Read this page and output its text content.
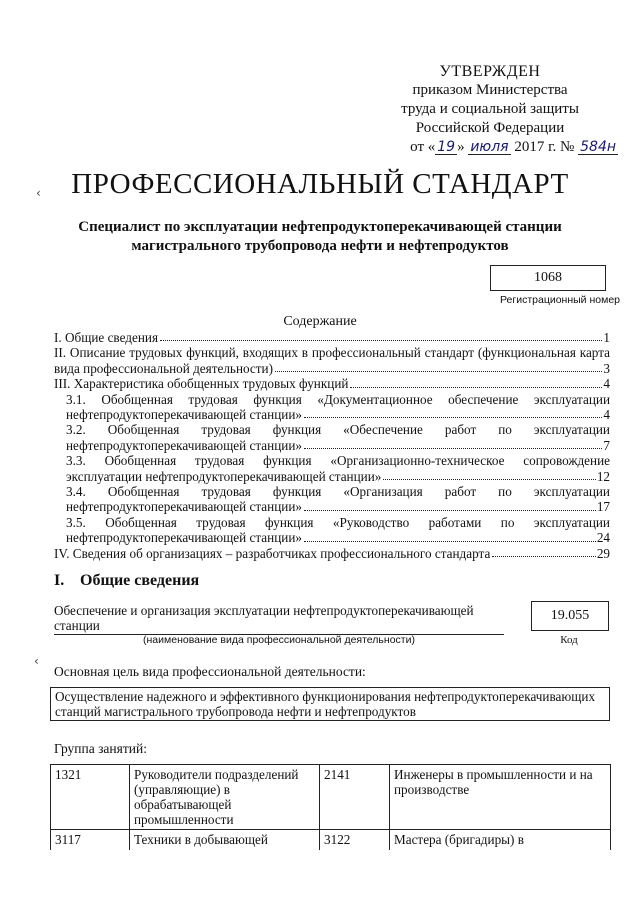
‹
‹
УТВЕРЖДЕН
приказом Министерства
труда и социальной защиты
Российской Федерации
от « 19 » июля 2017 г. № 584н
ПРОФЕССИОНАЛЬНЫЙ СТАНДАРТ
Специалист по эксплуатации нефтепродуктоперекачивающей станции
магистрального трубопровода нефти и нефтепродуктов
1068
Регистрационный номер
Содержание
I. Общие сведения	1
II. Описание трудовых функций, входящих в профессиональный стандарт (функциональная карта
вида профессиональной деятельности)	3
III. Характеристика обобщенных трудовых функций	4
3.1. Обобщенная трудовая функция «Документационное обеспечение эксплуатации
нефтепродуктоперекачивающей станции»	4
3.2. Обобщенная трудовая функция «Обеспечение работ по эксплуатации
нефтепродуктоперекачивающей станции»	7
3.3. Обобщенная трудовая функция «Организационно-техническое сопровождение
эксплуатации нефтепродуктоперекачивающей станции»	12
3.4. Обобщенная трудовая функция «Организация работ по эксплуатации
нефтепродуктоперекачивающей станции»	17
3.5. Обобщенная трудовая функция «Руководство работами по эксплуатации
нефтепродуктоперекачивающей станции»	24
IV. Сведения об организациях – разработчиках профессионального стандарта	29
I. Общие сведения
Обеспечение и организация эксплуатации нефтепродуктоперекачивающей станции
19.055
(наименование вида профессиональной деятельности)	Код
Основная цель вида профессиональной деятельности:
Осуществление надежного и эффективного функционирования нефтепродуктоперекачивающих станций магистрального трубопровода нефти и нефтепродуктов
Группа занятий:
1321	Руководители подразделений (управляющие) в обрабатывающей промышленности	2141	Инженеры в промышленности и на производстве
3117	Техники в добывающей	3122	Мастера (бригадиры) в
